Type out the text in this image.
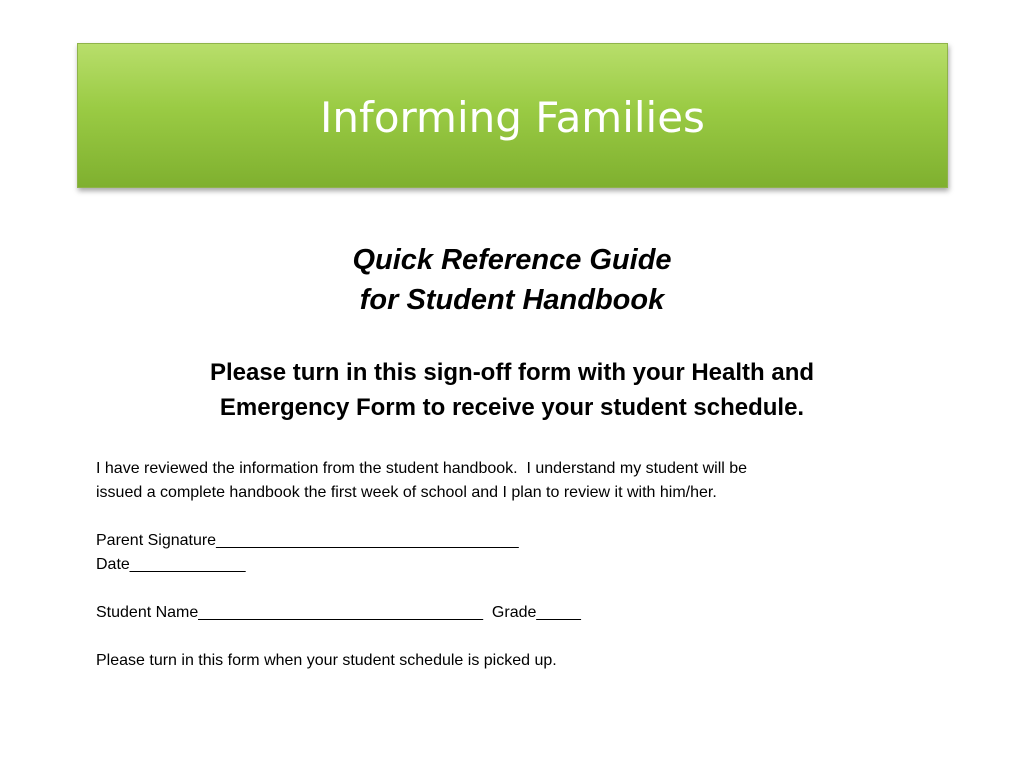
Informing Families
Quick Reference Guide
for Student Handbook
Please turn in this sign-off form with your Health and
Emergency Form to receive your student schedule.
I have reviewed the information from the student handbook.  I understand my student will be
issued a complete handbook the first week of school and I plan to review it with him/her.
Parent Signature__________________________________
Date_____________
Student Name________________________________  Grade_____
Please turn in this form when your student schedule is picked up.
